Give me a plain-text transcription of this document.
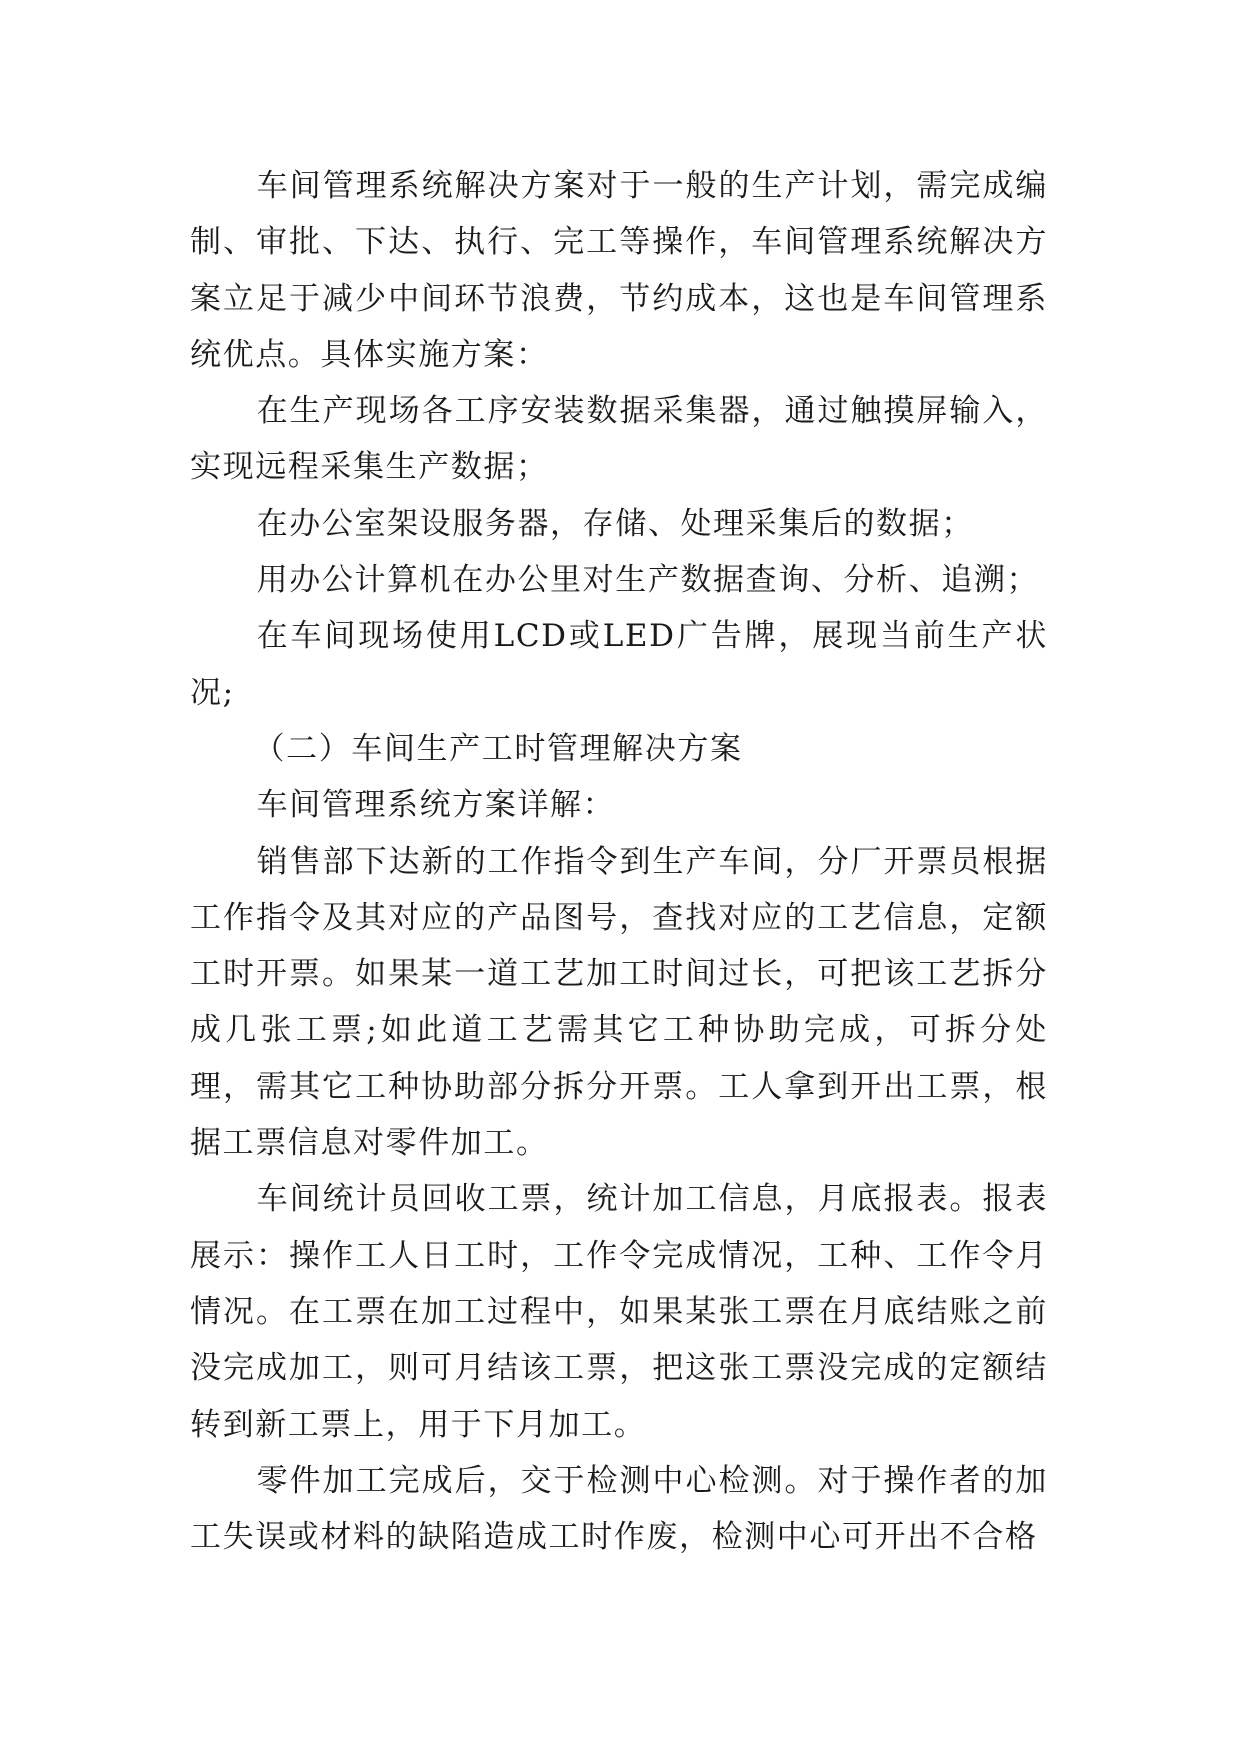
车间管理系统解决方案对于一般的生产计划，需完成编制、审批、下达、执行、完工等操作，车间管理系统解决方案立足于减少中间环节浪费，节约成本，这也是车间管理系统优点。具体实施方案：

在生产现场各工序安装数据采集器，通过触摸屏输入，实现远程采集生产数据；

在办公室架设服务器，存储、处理采集后的数据；

用办公计算机在办公里对生产数据查询、分析、追溯；

在车间现场使用LCD或LED广告牌，展现当前生产状况;

（二）车间生产工时管理解决方案

车间管理系统方案详解：

销售部下达新的工作指令到生产车间，分厂开票员根据工作指令及其对应的产品图号，查找对应的工艺信息，定额工时开票。如果某一道工艺加工时间过长，可把该工艺拆分成几张工票;如此道工艺需其它工种协助完成，可拆分处理，需其它工种协助部分拆分开票。工人拿到开出工票，根据工票信息对零件加工。

车间统计员回收工票，统计加工信息，月底报表。报表展示：操作工人日工时，工作令完成情况，工种、工作令月情况。在工票在加工过程中，如果某张工票在月底结账之前没完成加工，则可月结该工票，把这张工票没完成的定额结转到新工票上，用于下月加工。

零件加工完成后，交于检测中心检测。对于操作者的加工失误或材料的缺陷造成工时作废，检测中心可开出不合格
